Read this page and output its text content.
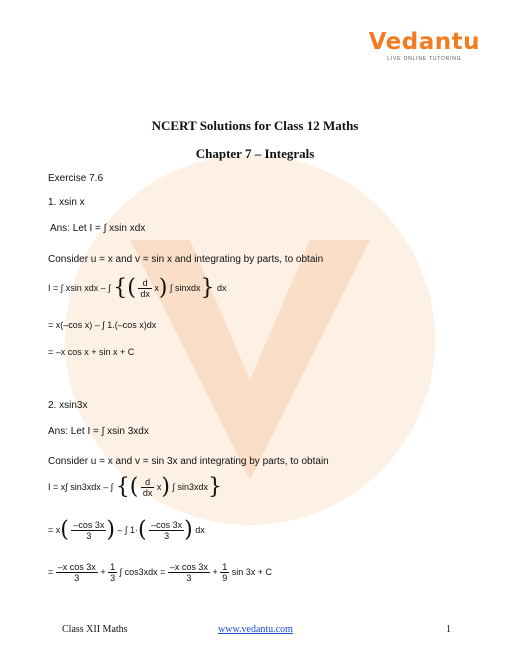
Vedantu
LIVE ONLINE TUTORING
NCERT Solutions for Class 12 Maths
Chapter 7 – Integrals
Exercise 7.6
1. xsin x
Ans: Let I = ∫ xsin xdx
Consider u = x and v = sin x and integrating by parts, to obtain
I = ∫ xsin xdx – ∫ {( $\frac{d}{dx} x$) ∫ sinxdx} dx
= x(–cos x) – ∫ 1.(–cos x)dx
= –x cos x + sin x + C
2. xsin3x
Ans: Let I = ∫ xsin 3xdx
Consider u = x and v = sin 3x and integrating by parts, to obtain
I = x∫ sin3xdx – ∫ {( $\frac{d}{dx} x$) ∫ sin3xdx}
= $x( \frac{-\cos 3x}{3}$ ) – ∫ $1\cdot( \frac{-\cos 3x}{3}$ ) dx
= $\frac{\text{–x cos 3x}}{3} + \frac{1}{3}$ ∫ $\cos 3xdx = \frac{\text{–x cos 3x}}{3} + \frac{1}{9}$ sin 3x + C
Class XII Maths	www.vedantu.com	1
